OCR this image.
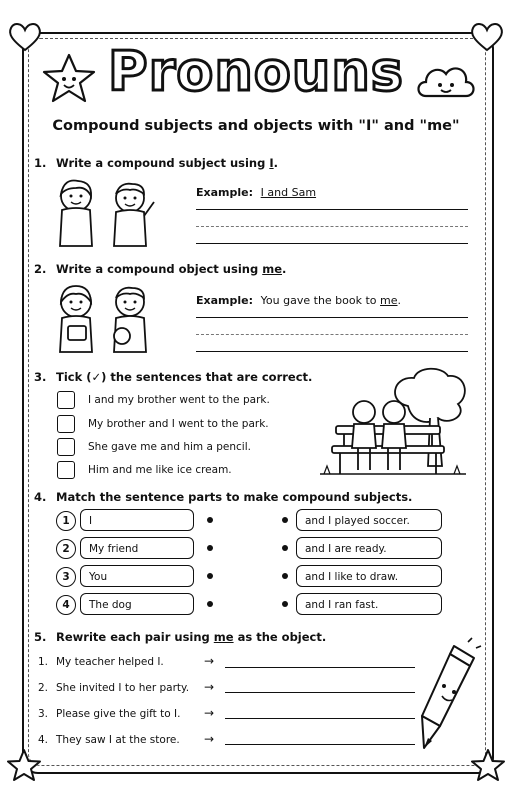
Pronouns
Compound subjects and objects with "I" and "me"
1. Write a compound subject using I.
Example: I and Sam
2. Write a compound object using me.
Example: You gave the book to me.
3. Tick (✓) the sentences that are correct.
I and my brother went to the park.
My brother and I went to the park.
She gave me and him a pencil.
Him and me like ice cream.
4. Match the sentence parts to make compound subjects.
1	I	and I played soccer.
2	My friend	and I are ready.
3	You	and I like to draw.
4	The dog	and I ran fast.
5. Rewrite each pair using me as the object.
1. My teacher helped I.	→
2. She invited I to her party. →
3. Please give the gift to I. →
4. They saw I at the store. →
